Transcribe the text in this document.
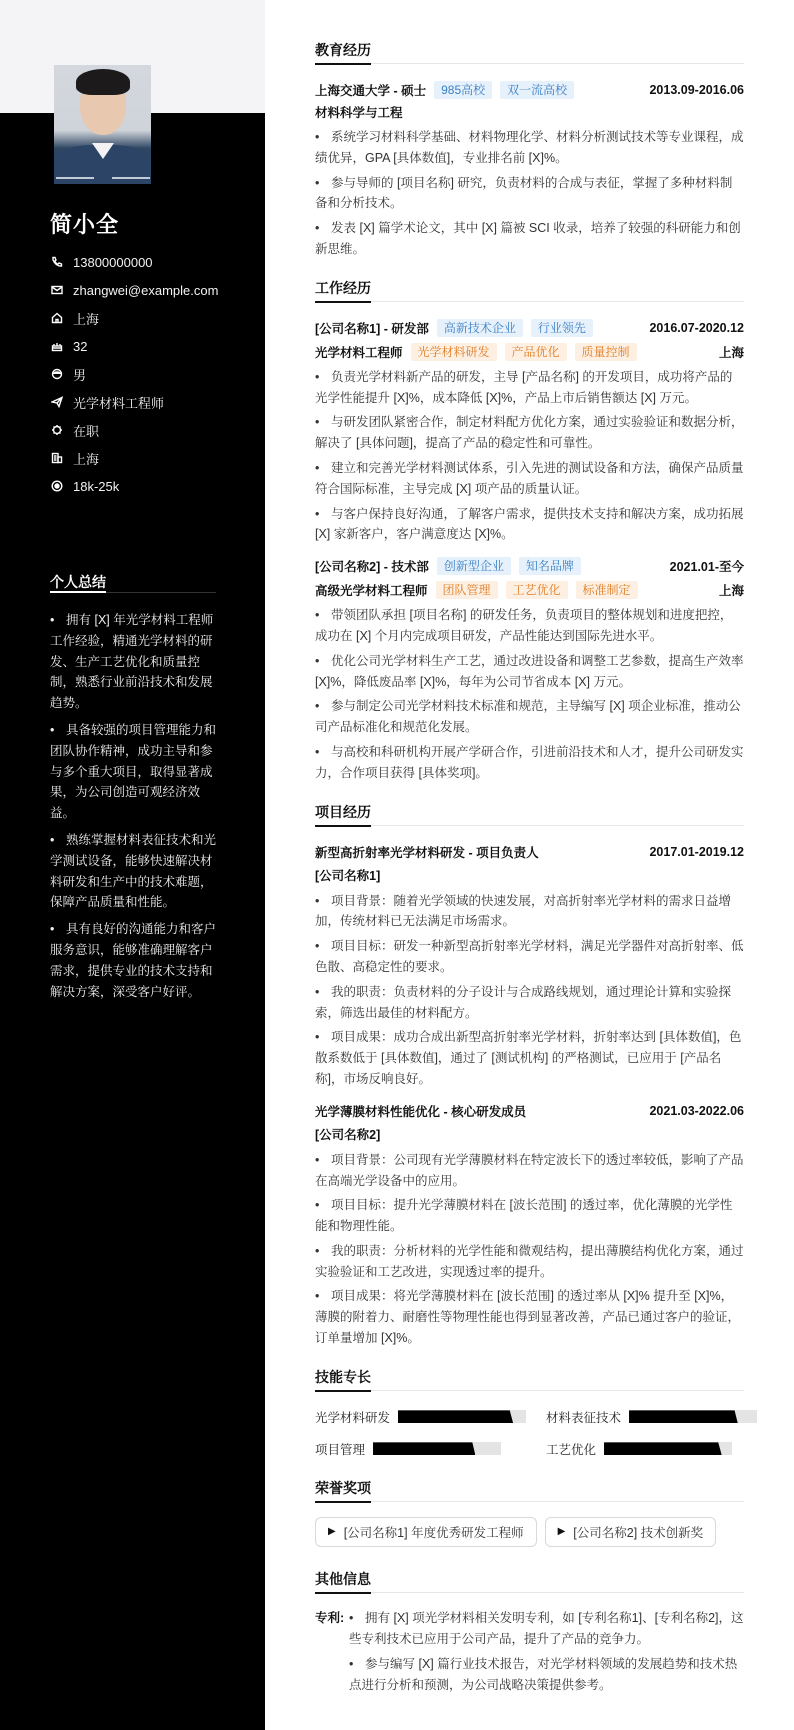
简小全
13800000000
zhangwei@example.com
上海
32
男
光学材料工程师
在职
上海
18k-25k
个人总结
• 拥有 [X] 年光学材料工程师工作经验，精通光学材料的研发、生产工艺优化和质量控制，熟悉行业前沿技术和发展趋势。
• 具备较强的项目管理能力和团队协作精神，成功主导和参与多个重大项目，取得显著成果，为公司创造可观经济效益。
• 熟练掌握材料表征技术和光学测试设备，能够快速解决材料研发和生产中的技术难题，保障产品质量和性能。
• 具有良好的沟通能力和客户服务意识，能够准确理解客户需求，提供专业的技术支持和解决方案，深受客户好评。
教育经历
上海交通大学 - 硕士	985高校	双一流高校	2013.09-2016.06
材料科学与工程
• 系统学习材料科学基础、材料物理化学、材料分析测试技术等专业课程，成绩优异，GPA [具体数值]，专业排名前 [X]%。
• 参与导师的 [项目名称] 研究，负责材料的合成与表征，掌握了多种材料制备和分析技术。
• 发表 [X] 篇学术论文，其中 [X] 篇被 SCI 收录，培养了较强的科研能力和创新思维。
工作经历
[公司名称1] - 研发部	高新技术企业	行业领先	2016.07-2020.12
光学材料工程师	光学材料研发	产品优化	质量控制	上海
• 负责光学材料新产品的研发，主导 [产品名称] 的开发项目，成功将产品的光学性能提升 [X]%，成本降低 [X]%，产品上市后销售额达 [X] 万元。
• 与研发团队紧密合作，制定材料配方优化方案，通过实验验证和数据分析，解决了 [具体问题]，提高了产品的稳定性和可靠性。
• 建立和完善光学材料测试体系，引入先进的测试设备和方法，确保产品质量符合国际标准，主导完成 [X] 项产品的质量认证。
• 与客户保持良好沟通，了解客户需求，提供技术支持和解决方案，成功拓展 [X] 家新客户，客户满意度达 [X]%。
[公司名称2] - 技术部	创新型企业	知名品牌	2021.01-至今
高级光学材料工程师	团队管理	工艺优化	标准制定	上海
• 带领团队承担 [项目名称] 的研发任务，负责项目的整体规划和进度把控，成功在 [X] 个月内完成项目研发，产品性能达到国际先进水平。
• 优化公司光学材料生产工艺，通过改进设备和调整工艺参数，提高生产效率 [X]%，降低废品率 [X]%，每年为公司节省成本 [X] 万元。
• 参与制定公司光学材料技术标准和规范，主导编写 [X] 项企业标准，推动公司产品标准化和规范化发展。
• 与高校和科研机构开展产学研合作，引进前沿技术和人才，提升公司研发实力，合作项目获得 [具体奖项]。
项目经历
新型高折射率光学材料研发 - 项目负责人	2017.01-2019.12
[公司名称1]
• 项目背景：随着光学领域的快速发展，对高折射率光学材料的需求日益增加，传统材料已无法满足市场需求。
• 项目目标：研发一种新型高折射率光学材料，满足光学器件对高折射率、低色散、高稳定性的要求。
• 我的职责：负责材料的分子设计与合成路线规划，通过理论计算和实验探索，筛选出最佳的材料配方。
• 项目成果：成功合成出新型高折射率光学材料，折射率达到 [具体数值]，色散系数低于 [具体数值]，通过了 [测试机构] 的严格测试，已应用于 [产品名称]，市场反响良好。
光学薄膜材料性能优化 - 核心研发成员	2021.03-2022.06
[公司名称2]
• 项目背景：公司现有光学薄膜材料在特定波长下的透过率较低，影响了产品在高端光学设备中的应用。
• 项目目标：提升光学薄膜材料在 [波长范围] 的透过率，优化薄膜的光学性能和物理性能。
• 我的职责：分析材料的光学性能和微观结构，提出薄膜结构优化方案，通过实验验证和工艺改进，实现透过率的提升。
• 项目成果：将光学薄膜材料在 [波长范围] 的透过率从 [X]% 提升至 [X]%，薄膜的附着力、耐磨性等物理性能也得到显著改善，产品已通过客户的验证，订单量增加 [X]%。
技能专长
光学材料研发	材料表征技术
项目管理	工艺优化
荣誉奖项
▶ [公司名称1] 年度优秀研发工程师	▶ [公司名称2] 技术创新奖
其他信息
专利: • 拥有 [X] 项光学材料相关发明专利，如 [专利名称1]、[专利名称2]，这些专利技术已应用于公司产品，提升了产品的竞争力。
• 参与编写 [X] 篇行业技术报告，对光学材料领域的发展趋势和技术热点进行分析和预测，为公司战略决策提供参考。
